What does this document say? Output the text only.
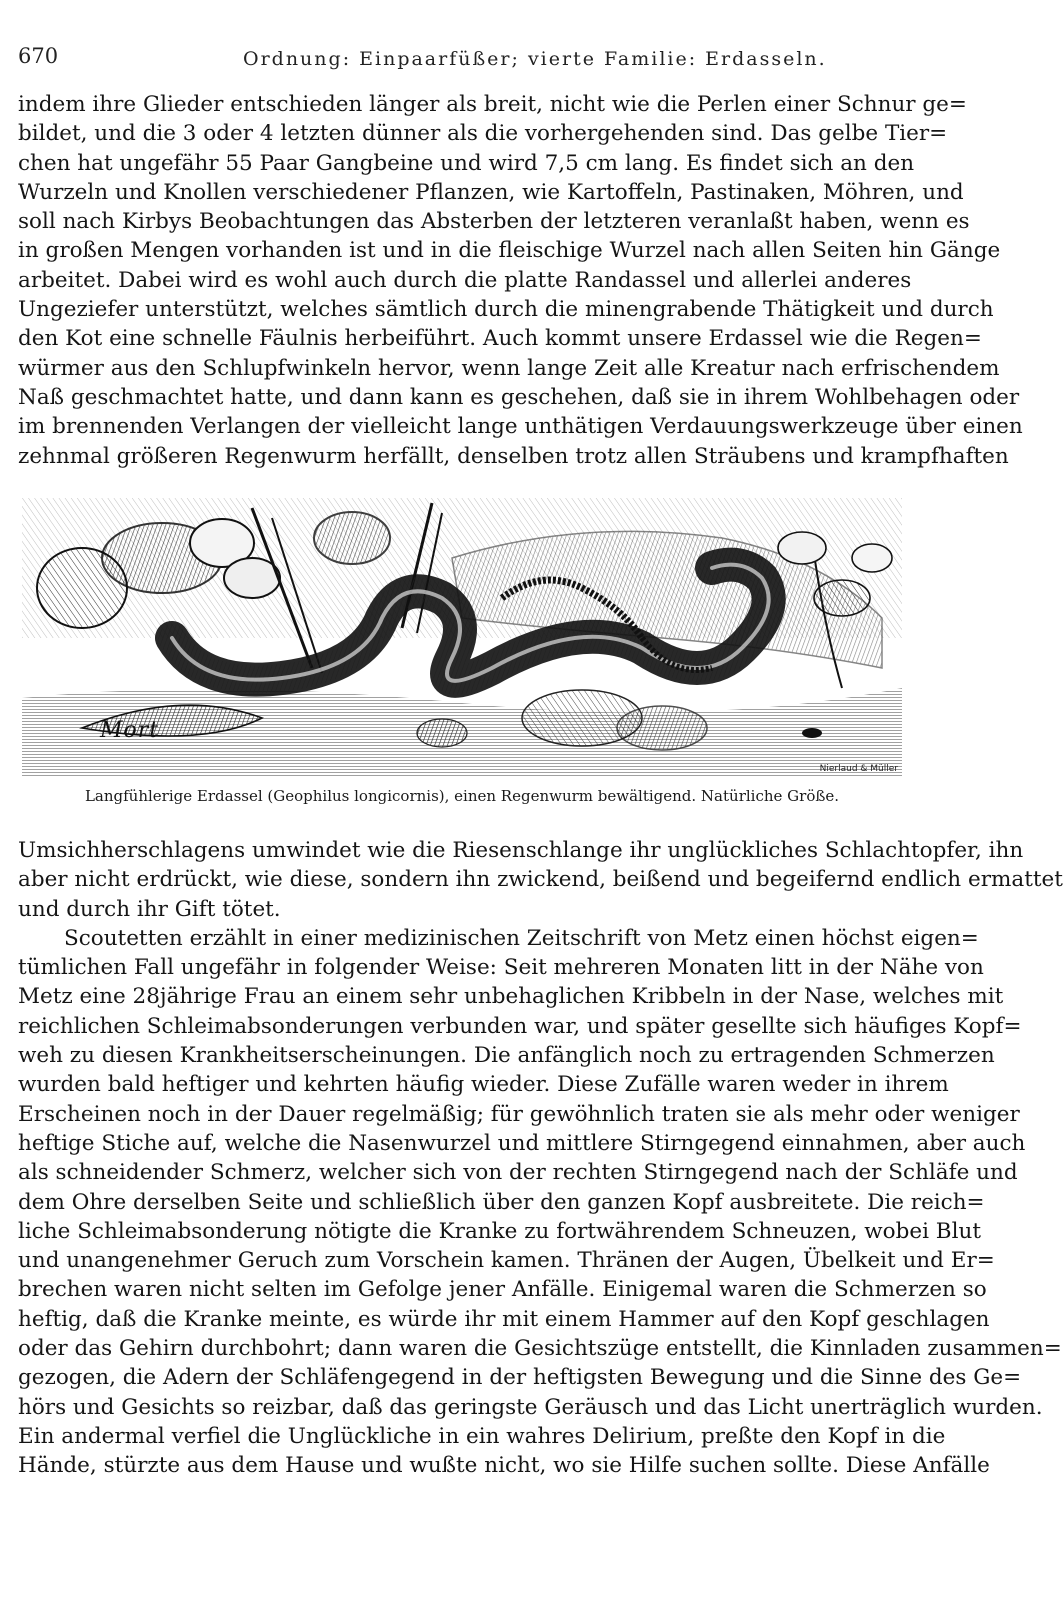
670	Ordnung: Einpaarfüßer; vierte Familie: Erdasseln.
indem ihre Glieder entschieden länger als breit, nicht wie die Perlen einer Schnur ge=
bildet, und die 3 oder 4 letzten dünner als die vorhergehenden sind. Das gelbe Tier=
chen hat ungefähr 55 Paar Gangbeine und wird 7,5 cm lang. Es findet sich an den
Wurzeln und Knollen verschiedener Pflanzen, wie Kartoffeln, Pastinaken, Möhren, und
soll nach Kirbys Beobachtungen das Absterben der letzteren veranlaßt haben, wenn es
in großen Mengen vorhanden ist und in die fleischige Wurzel nach allen Seiten hin Gänge
arbeitet. Dabei wird es wohl auch durch die platte Randassel und allerlei anderes
Ungeziefer unterstützt, welches sämtlich durch die minengrabende Thätigkeit und durch
den Kot eine schnelle Fäulnis herbeiführt. Auch kommt unsere Erdassel wie die Regen=
würmer aus den Schlupfwinkeln hervor, wenn lange Zeit alle Kreatur nach erfrischendem
Naß geschmachtet hatte, und dann kann es geschehen, daß sie in ihrem Wohlbehagen oder
im brennenden Verlangen der vielleicht lange unthätigen Verdauungswerkzeuge über einen
zehnmal größeren Regenwurm herfällt, denselben trotz allen Sträubens und krampfhaften
Mort
Nierlaud & Müller
Langfühlerige Erdassel (Geophilus longicornis), einen Regenwurm bewältigend. Natürliche Größe.
Umsichherschlagens umwindet wie die Riesenschlange ihr unglückliches Schlachtopfer, ihn
aber nicht erdrückt, wie diese, sondern ihn zwickend, beißend und begeifernd endlich ermattet
und durch ihr Gift tötet.
Scoutetten erzählt in einer medizinischen Zeitschrift von Metz einen höchst eigen=
tümlichen Fall ungefähr in folgender Weise: Seit mehreren Monaten litt in der Nähe von
Metz eine 28jährige Frau an einem sehr unbehaglichen Kribbeln in der Nase, welches mit
reichlichen Schleimabsonderungen verbunden war, und später gesellte sich häufiges Kopf=
weh zu diesen Krankheitserscheinungen. Die anfänglich noch zu ertragenden Schmerzen
wurden bald heftiger und kehrten häufig wieder. Diese Zufälle waren weder in ihrem
Erscheinen noch in der Dauer regelmäßig; für gewöhnlich traten sie als mehr oder weniger
heftige Stiche auf, welche die Nasenwurzel und mittlere Stirngegend einnahmen, aber auch
als schneidender Schmerz, welcher sich von der rechten Stirngegend nach der Schläfe und
dem Ohre derselben Seite und schließlich über den ganzen Kopf ausbreitete. Die reich=
liche Schleimabsonderung nötigte die Kranke zu fortwährendem Schneuzen, wobei Blut
und unangenehmer Geruch zum Vorschein kamen. Thränen der Augen, Übelkeit und Er=
brechen waren nicht selten im Gefolge jener Anfälle. Einigemal waren die Schmerzen so
heftig, daß die Kranke meinte, es würde ihr mit einem Hammer auf den Kopf geschlagen
oder das Gehirn durchbohrt; dann waren die Gesichtszüge entstellt, die Kinnladen zusammen=
gezogen, die Adern der Schläfengegend in der heftigsten Bewegung und die Sinne des Ge=
hörs und Gesichts so reizbar, daß das geringste Geräusch und das Licht unerträglich wurden.
Ein andermal verfiel die Unglückliche in ein wahres Delirium, preßte den Kopf in die
Hände, stürzte aus dem Hause und wußte nicht, wo sie Hilfe suchen sollte. Diese Anfälle
